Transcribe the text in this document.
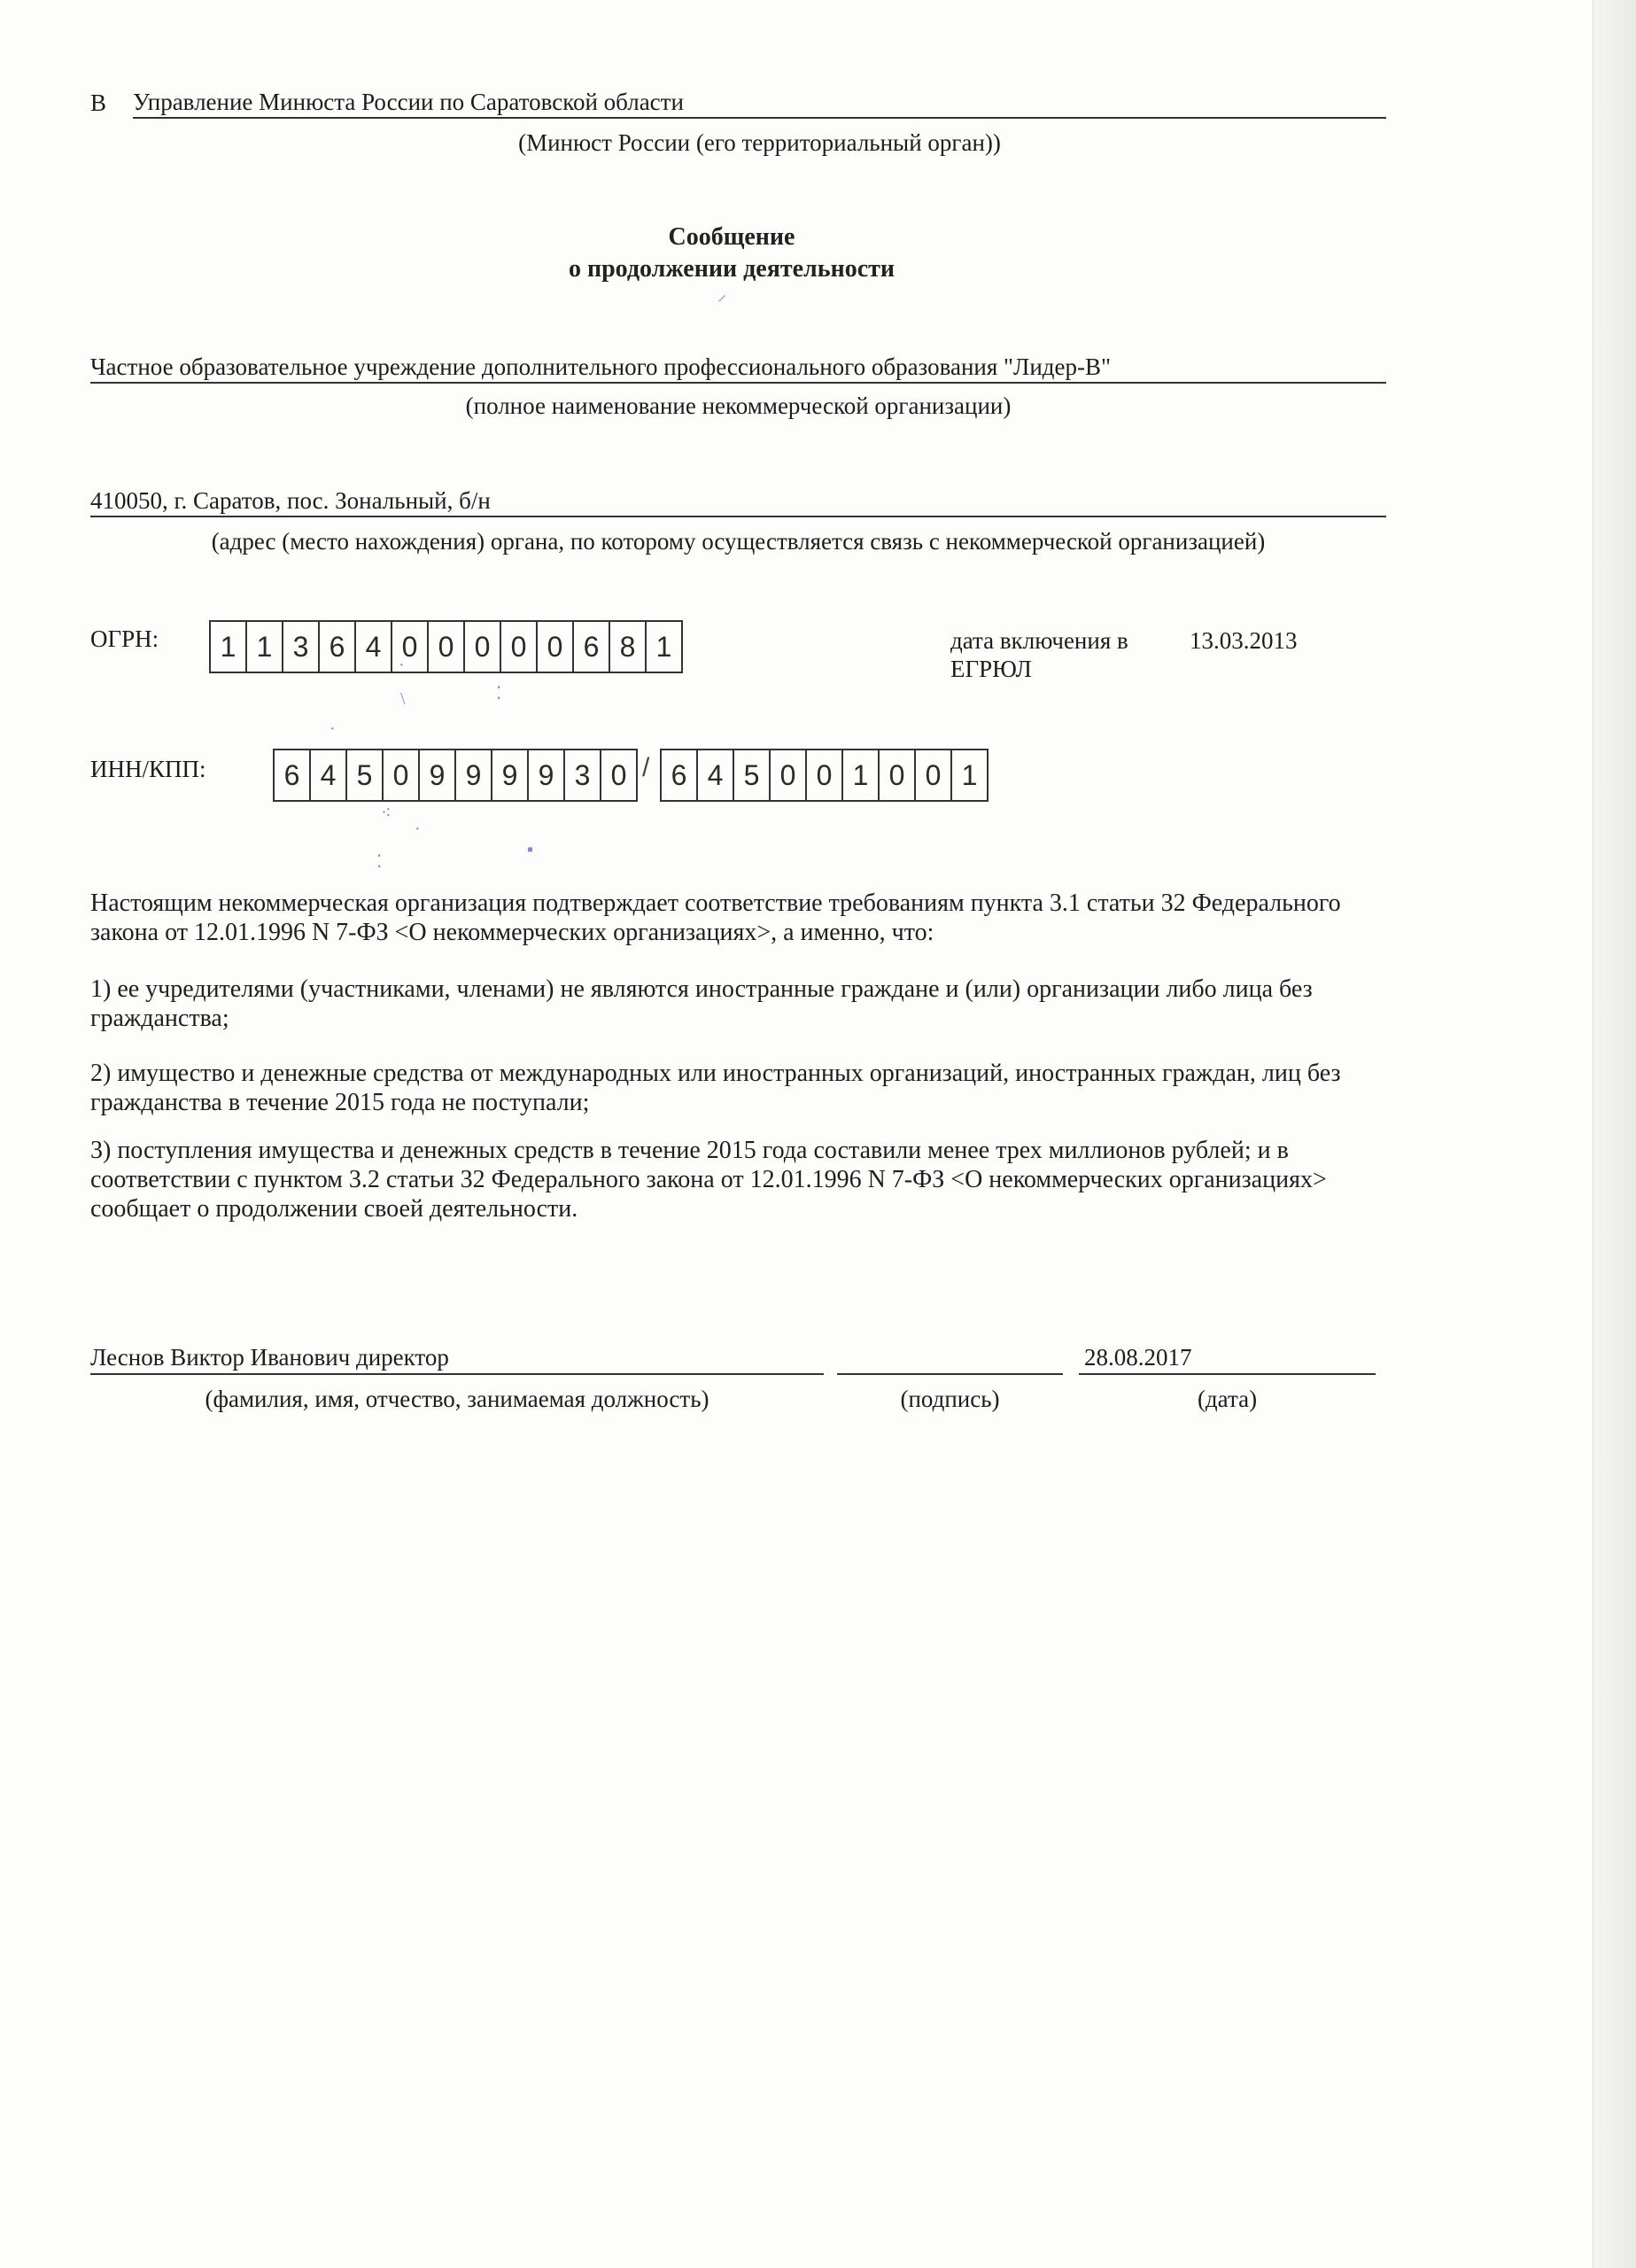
В Управление Минюста России по Саратовской области
(Минюст России (его территориальный орган))
Сообщение
о продолжении деятельности
Частное образовательное учреждение дополнительного профессионального образования "Лидер-В"
(полное наименование некоммерческой организации)
410050, г. Саратов, пос. Зональный, б/н
(адрес (место нахождения) органа, по которому осуществляется связь с некоммерческой организацией)
ОГРН:	1 1 3 6 4 0 0 0 0 0 6 8 1	дата включения в
ЕГРЮЛ
13.03.2013
ИНН/КПП:	6 4 5 0 9 9 9 9 3 0 / 6 4 5 0 0 1 0 0 1
⸝
·
\	⁚
·
⁖
·
▪
⁚
Настоящим некоммерческая организация подтверждает соответствие требованиям пункта 3.1 статьи 32 Федерального закона от 12.01.1996 N 7-ФЗ <О некоммерческих организациях>, а именно, что:
1) ее учредителями (участниками, членами) не являются иностранные граждане и (или) организации либо лица без гражданства;
2) имущество и денежные средства от международных или иностранных организаций, иностранных граждан, лиц без гражданства в течение 2015 года не поступали;
3) поступления имущества и денежных средств в течение 2015 года составили менее трех миллионов рублей; и в соответствии с пунктом 3.2 статьи 32 Федерального закона от 12.01.1996 N 7-ФЗ <О некоммерческих организациях> сообщает о продолжении своей деятельности.
Леснов Виктор Иванович директор	28.08.2017
(фамилия, имя, отчество, занимаемая должность)	(подпись)	(дата)
